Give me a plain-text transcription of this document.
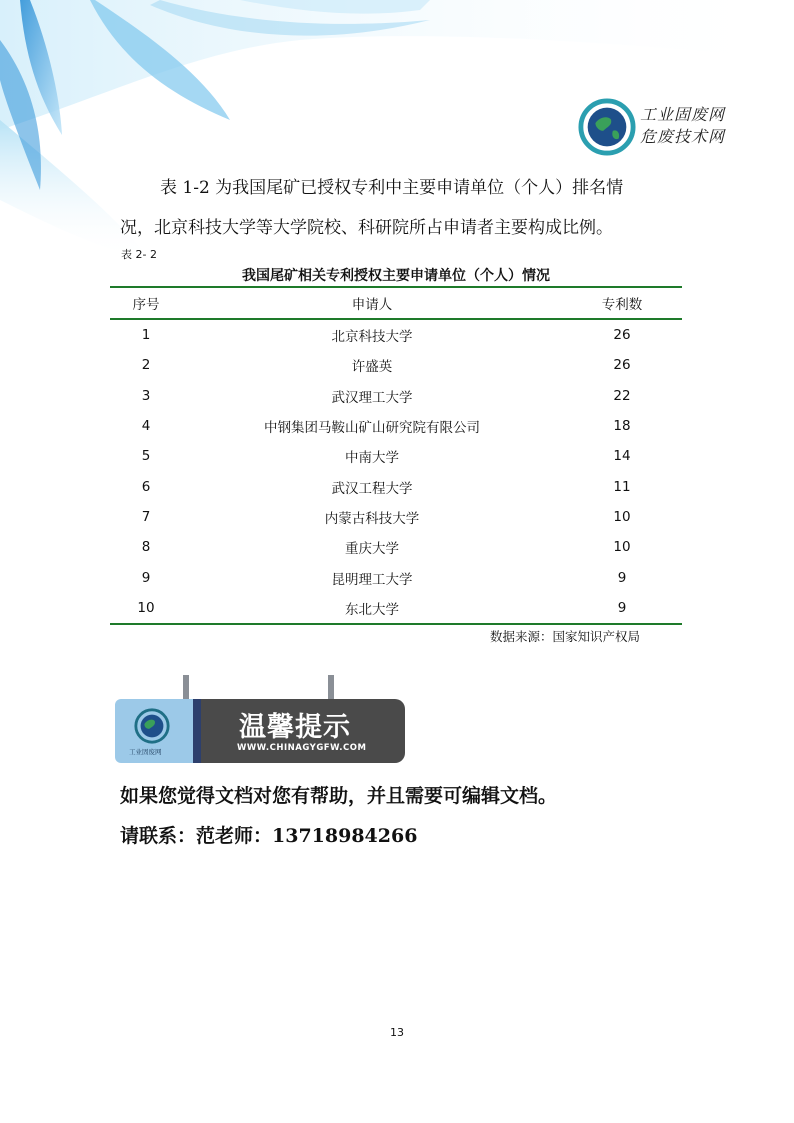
工业固废网
危废技术网

表 1-2 为我国尾矿已授权专利中主要申请单位（个人）排名情

况，北京科技大学等大学院校、科研院所占申请者主要构成比例。

表 2- 2
我国尾矿相关专利授权主要申请单位（个人）情况
序号	申请人	专利数
1	北京科技大学	26
2	许盛英	26
3	武汉理工大学	22
4	中钢集团马鞍山矿山研究院有限公司	18
5	中南大学	14
6	武汉工程大学	11
7	内蒙古科技大学	10
8	重庆大学	10
9	昆明理工大学	9
10	东北大学	9
数据来源：国家知识产权局
工业固废网
温馨提示
WWW.CHINAGYGFW.COM

如果您觉得文档对您有帮助，并且需要可编辑文档。

请联系：范老师：13718984266

13
